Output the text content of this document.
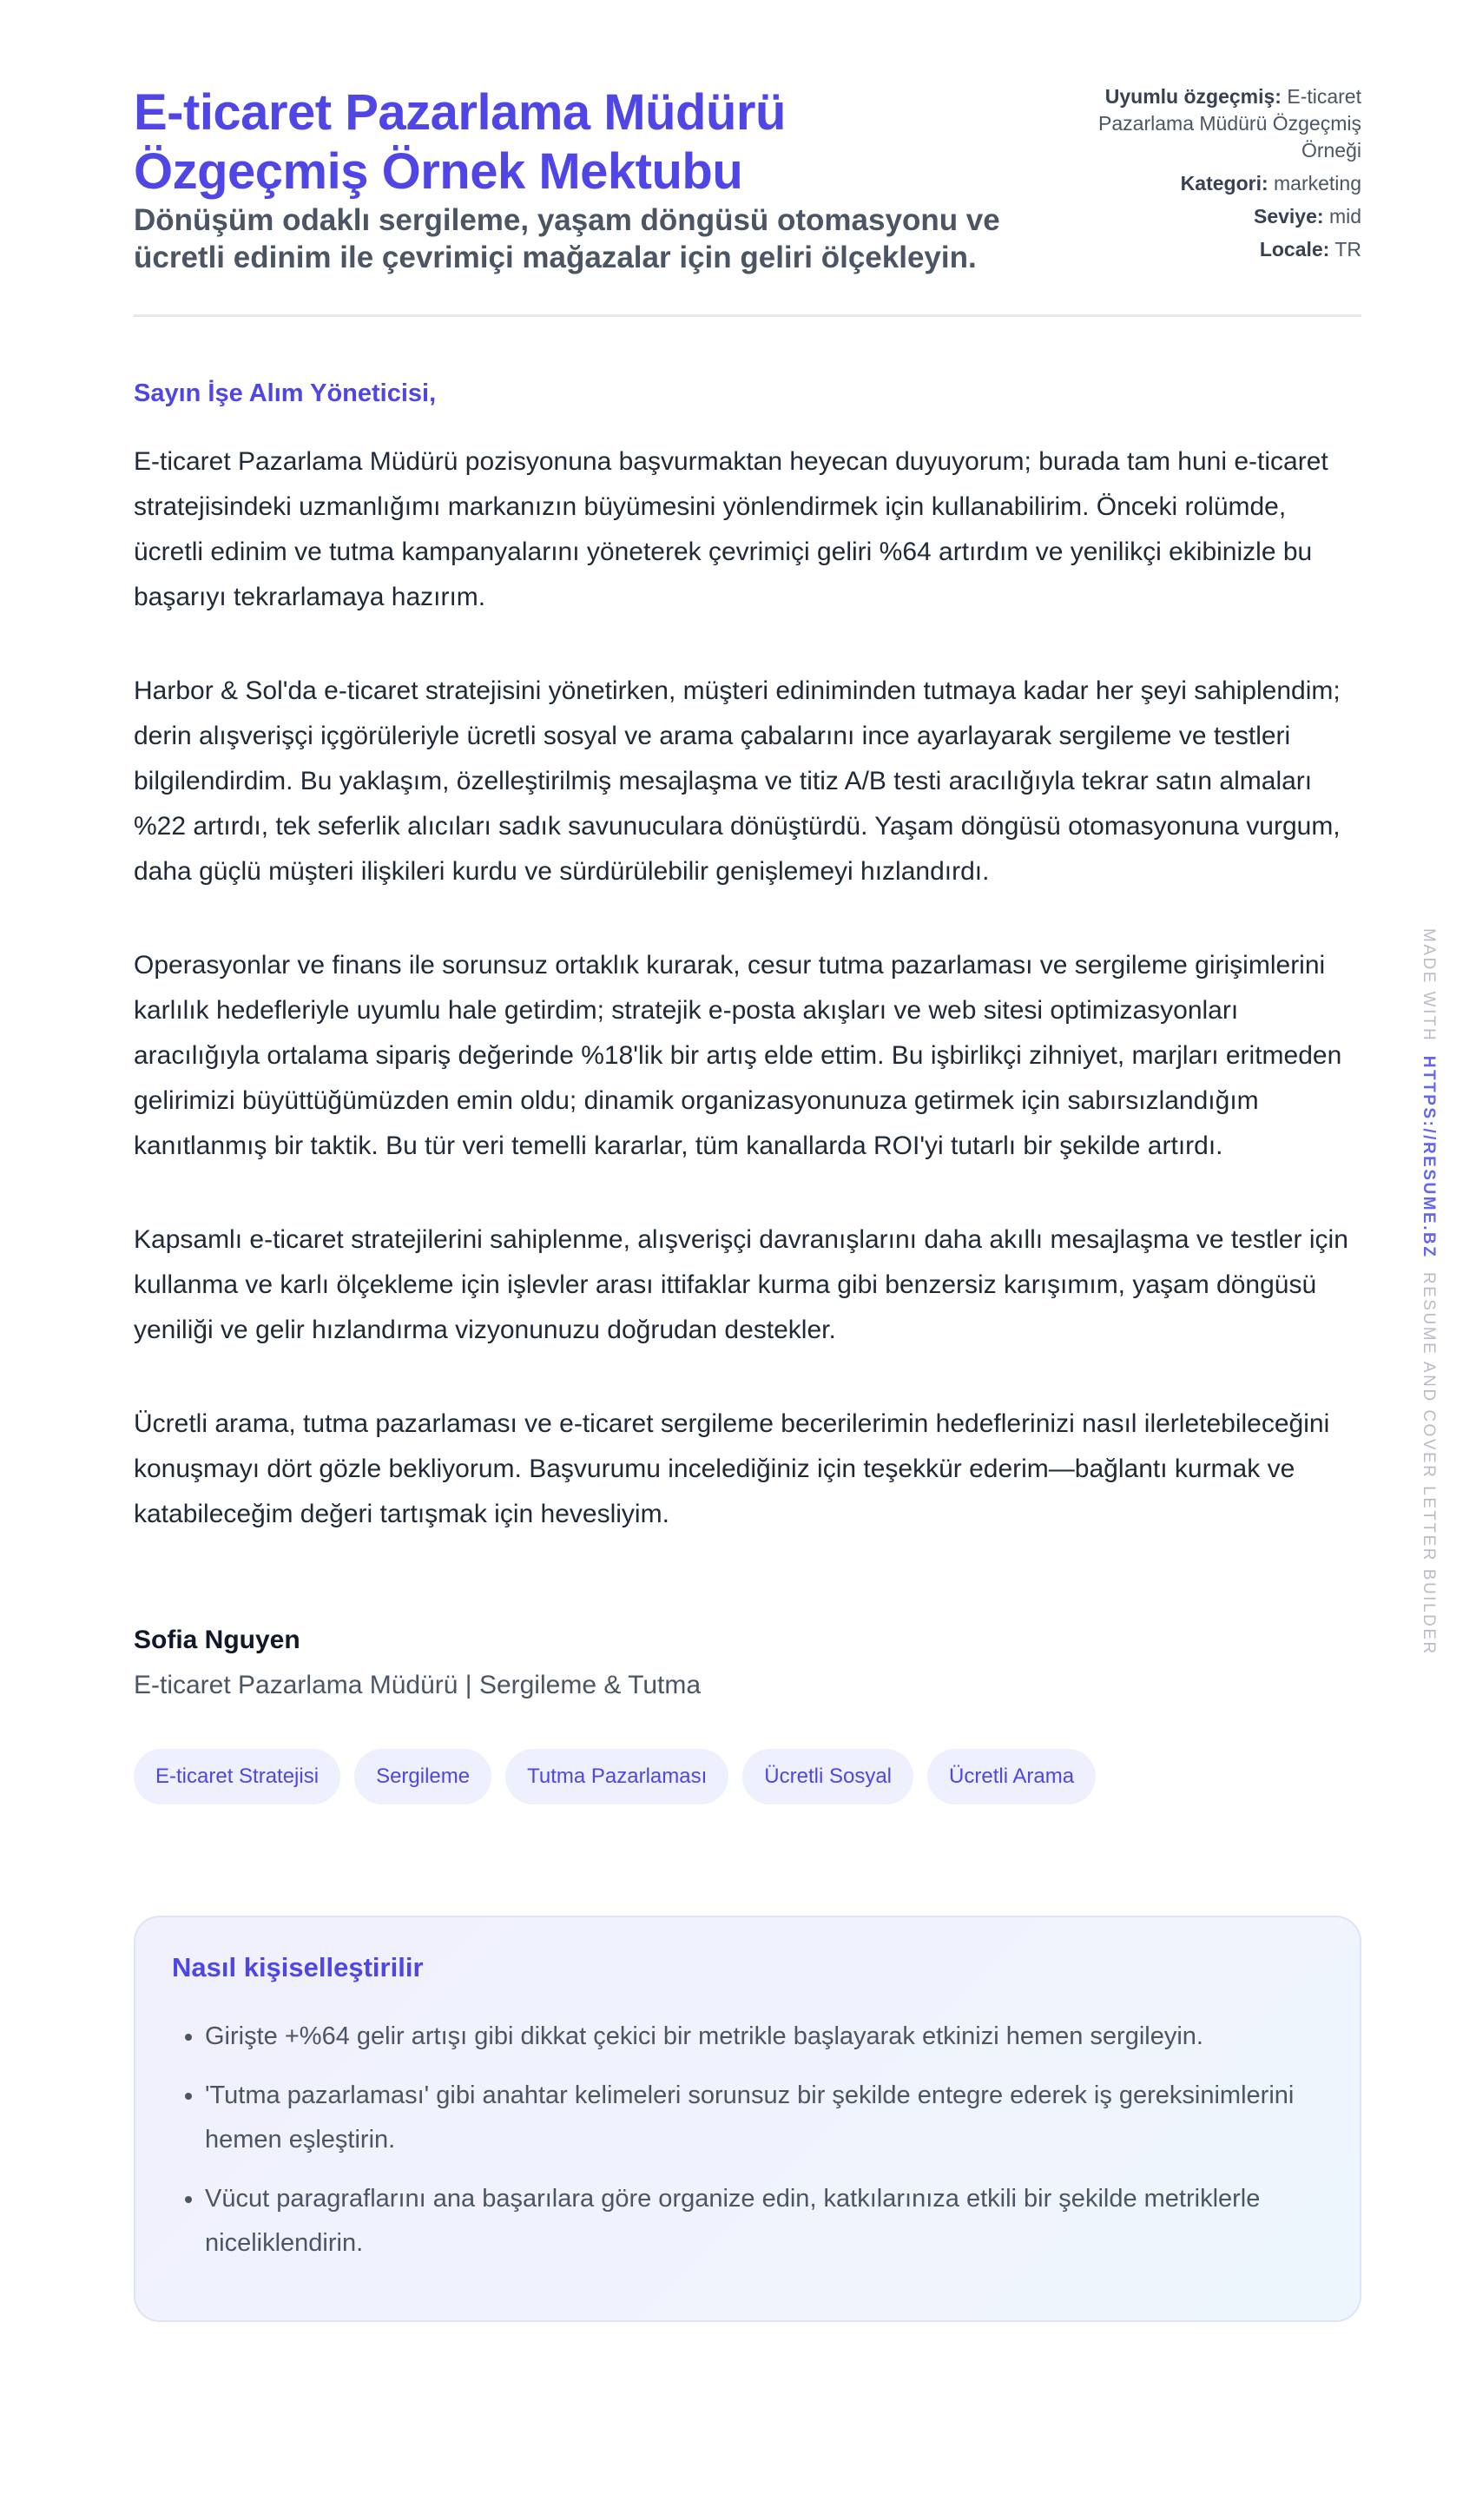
E-ticaret Pazarlama Müdürü Özgeçmiş Örnek Mektubu

Dönüşüm odaklı sergileme, yaşam döngüsü otomasyonu ve ücretli edinim ile çevrimiçi mağazalar için geliri ölçekleyin.

Uyumlu özgeçmiş: E-ticaret Pazarlama Müdürü Özgeçmiş Örneği
Kategori: marketing
Seviye: mid
Locale: TR
Sayın İşe Alım Yöneticisi,

E-ticaret Pazarlama Müdürü pozisyonuna başvurmaktan heyecan duyuyorum; burada tam huni e-ticaret stratejisindeki uzmanlığımı markanızın büyümesini yönlendirmek için kullanabilirim. Önceki rolümde, ücretli edinim ve tutma kampanyalarını yöneterek çevrimiçi geliri %64 artırdım ve yenilikçi ekibinizle bu başarıyı tekrarlamaya hazırım.

Harbor & Sol'da e-ticaret stratejisini yönetirken, müşteri ediniminden tutmaya kadar her şeyi sahiplendim; derin alışverişçi içgörüleriyle ücretli sosyal ve arama çabalarını ince ayarlayarak sergileme ve testleri bilgilendirdim. Bu yaklaşım, özelleştirilmiş mesajlaşma ve titiz A/B testi aracılığıyla tekrar satın almaları %22 artırdı, tek seferlik alıcıları sadık savunuculara dönüştürdü. Yaşam döngüsü otomasyonuna vurgum, daha güçlü müşteri ilişkileri kurdu ve sürdürülebilir genişlemeyi hızlandırdı.

Operasyonlar ve finans ile sorunsuz ortaklık kurarak, cesur tutma pazarlaması ve sergileme girişimlerini karlılık hedefleriyle uyumlu hale getirdim; stratejik e-posta akışları ve web sitesi optimizasyonları aracılığıyla ortalama sipariş değerinde %18'lik bir artış elde ettim. Bu işbirlikçi zihniyet, marjları eritmeden gelirimizi büyüttüğümüzden emin oldu; dinamik organizasyonunuza getirmek için sabırsızlandığım kanıtlanmış bir taktik. Bu tür veri temelli kararlar, tüm kanallarda ROI'yi tutarlı bir şekilde artırdı.

Kapsamlı e-ticaret stratejilerini sahiplenme, alışverişçi davranışlarını daha akıllı mesajlaşma ve testler için kullanma ve karlı ölçekleme için işlevler arası ittifaklar kurma gibi benzersiz karışımım, yaşam döngüsü yeniliği ve gelir hızlandırma vizyonunuzu doğrudan destekler.

Ücretli arama, tutma pazarlaması ve e-ticaret sergileme becerilerimin hedeflerinizi nasıl ilerletebileceğini konuşmayı dört gözle bekliyorum. Başvurumu incelediğiniz için teşekkür ederim—bağlantı kurmak ve katabileceğim değeri tartışmak için hevesliyim.

Sofia Nguyen
E-ticaret Pazarlama Müdürü | Sergileme & Tutma
E-ticaret Stratejisi	Sergileme	Tutma Pazarlaması	Ücretli Sosyal	Ücretli Arama
Nasıl kişiselleştirilir
• Girişte +%64 gelir artışı gibi dikkat çekici bir metrikle başlayarak etkinizi hemen sergileyin.
• 'Tutma pazarlaması' gibi anahtar kelimeleri sorunsuz bir şekilde entegre ederek iş gereksinimlerini hemen eşleştirin.
• Vücut paragraflarını ana başarılara göre organize edin, katkılarınıza etkili bir şekilde metriklerle niceliklendirin.
MADE WITH  HTTPS://RESUME.BZ  RESUME AND COVER LETTER BUILDER
